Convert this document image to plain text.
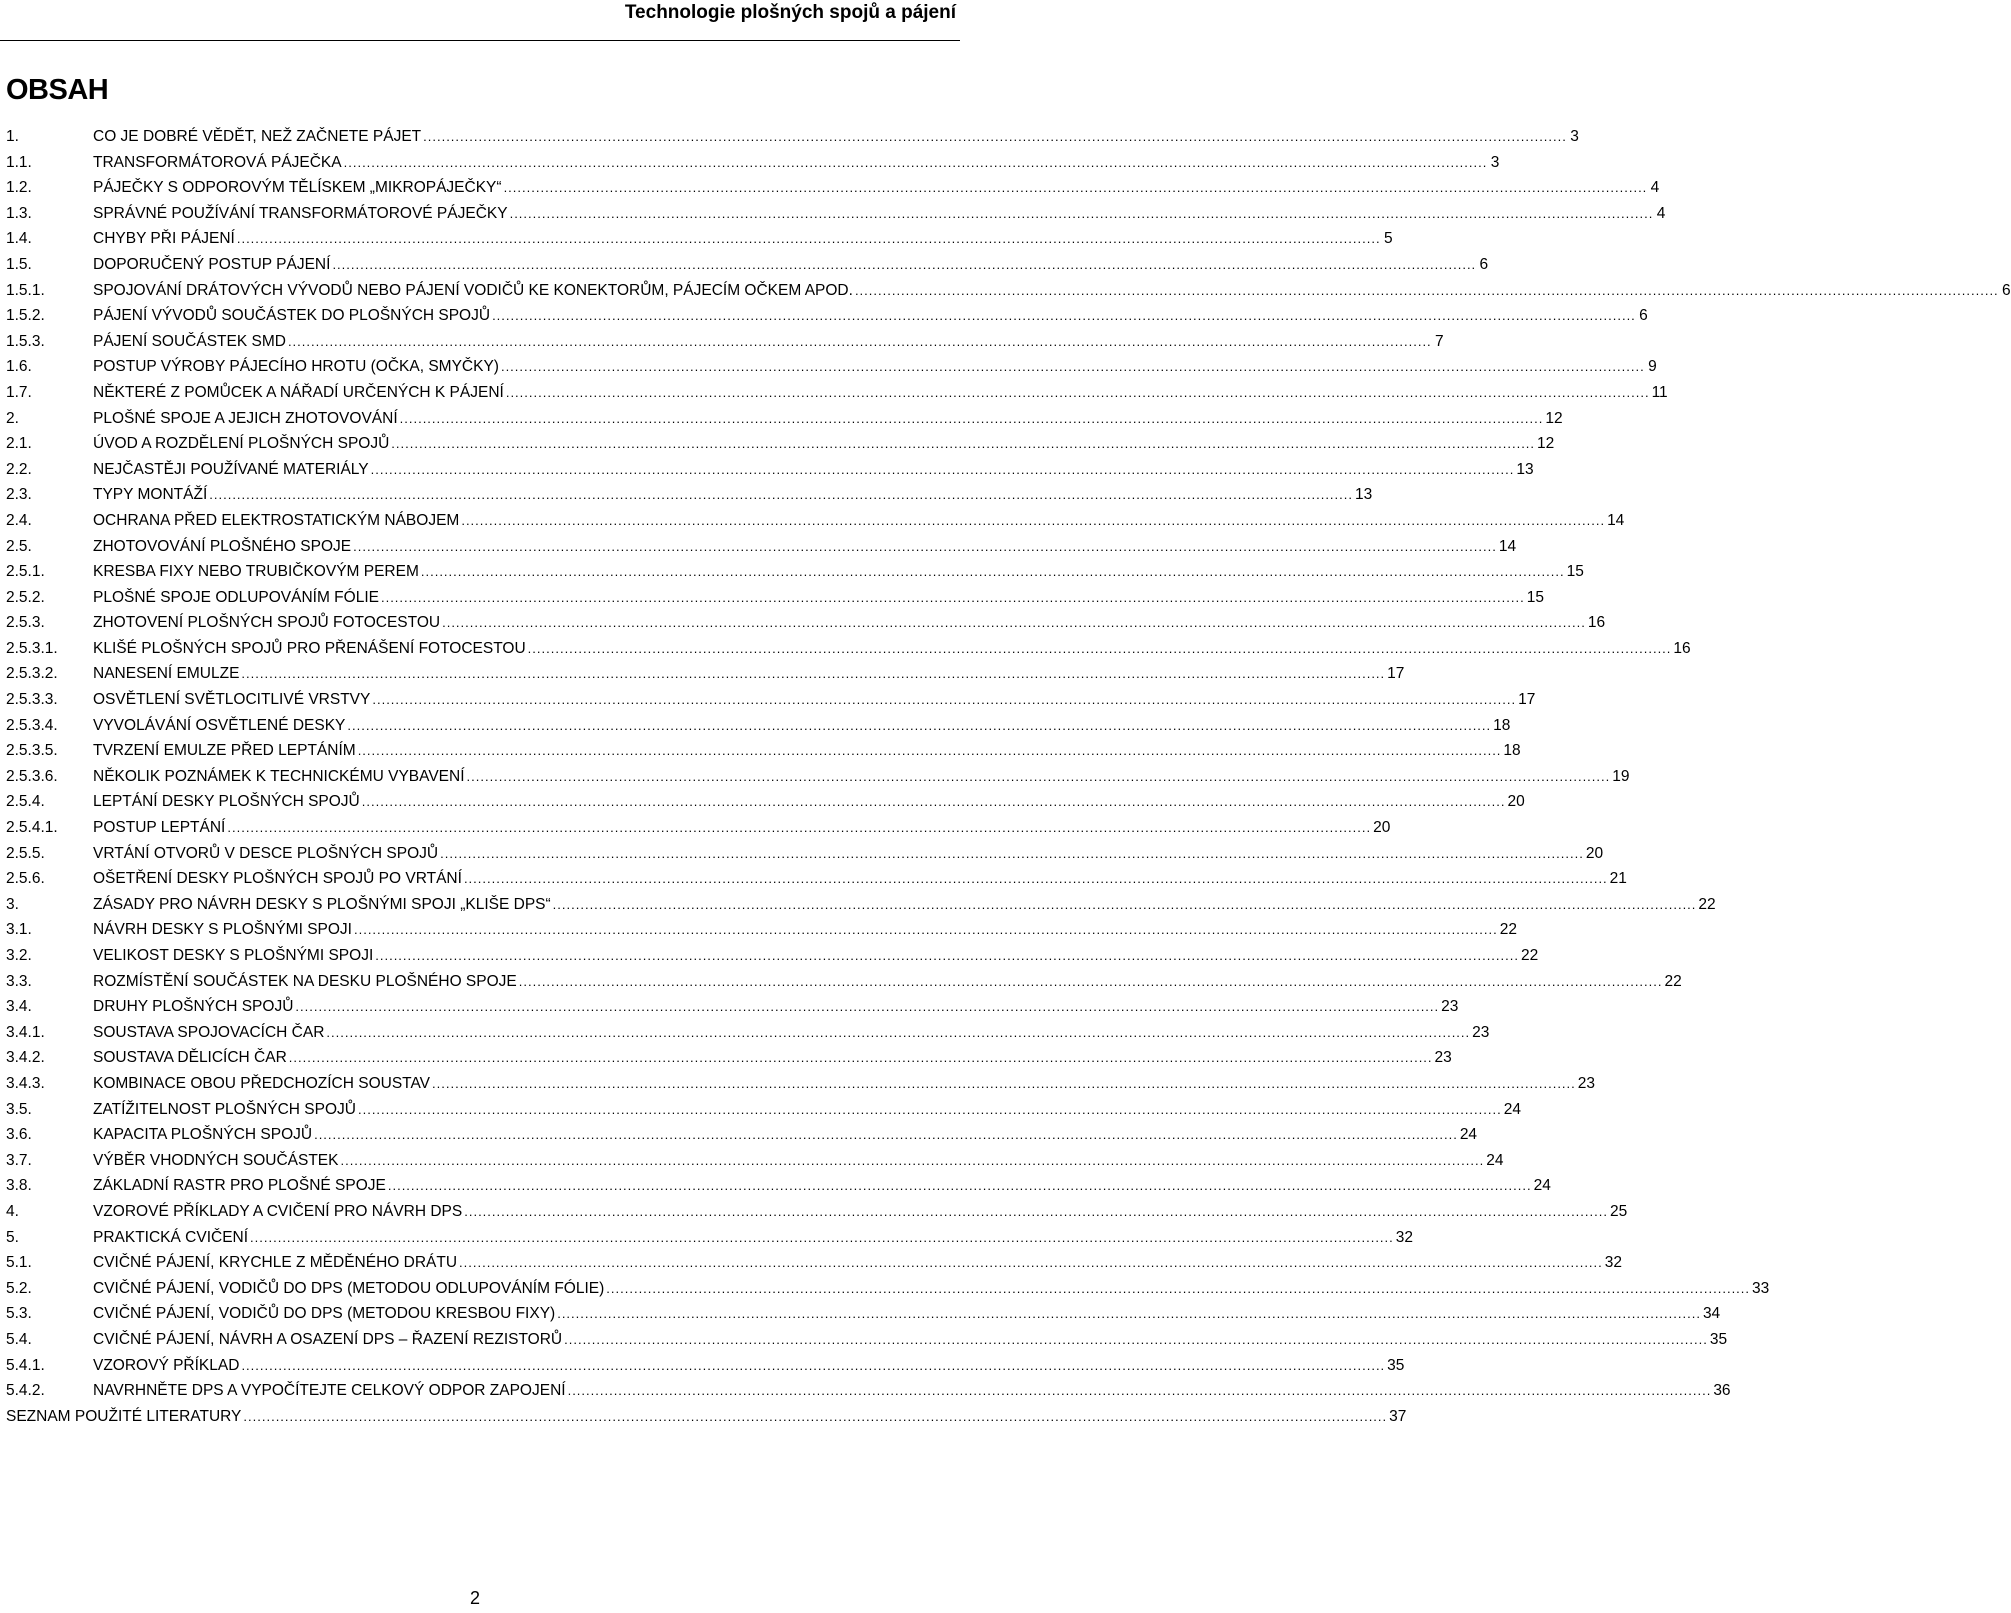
Technologie plošných spojů a pájení
OBSAH
1.	CO JE DOBRÉ VĚDĚT, NEŽ ZAČNETE PÁJET .....	3
1.1.	TRANSFORMÁTOROVÁ PÁJEČKA .....	3
1.2.	PÁJEČKY S ODPOROVÝM TĚLÍSKEM „MIKROPÁJEČKY“ .....	4
1.3.	SPRÁVNÉ POUŽÍVÁNÍ TRANSFORMÁTOROVÉ PÁJEČKY .....	4
1.4.	CHYBY PŘI PÁJENÍ .....	5
1.5.	DOPORUČENÝ POSTUP PÁJENÍ .....	6
1.5.1.	SPOJOVÁNÍ DRÁTOVÝCH VÝVODŮ NEBO PÁJENÍ VODIČŮ KE KONEKTORŮM, PÁJECÍM OČKEM APOD. .....	6
1.5.2.	PÁJENÍ VÝVODŮ SOUČÁSTEK DO PLOŠNÝCH SPOJŮ .....	6
1.5.3.	PÁJENÍ SOUČÁSTEK SMD .....	7
1.6.	POSTUP VÝROBY PÁJECÍHO HROTU (OČKA, SMYČKY) .....	9
1.7.	NĚKTERÉ Z POMŮCEK A NÁŘADÍ URČENÝCH K PÁJENÍ .....	11
2.	PLOŠNÉ SPOJE A JEJICH ZHOTOVOVÁNÍ .....	12
2.1.	ÚVOD A ROZDĚLENÍ PLOŠNÝCH SPOJŮ .....	12
2.2.	NEJČASTĚJI POUŽÍVANÉ MATERIÁLY .....	13
2.3.	TYPY MONTÁŽÍ .....	13
2.4.	OCHRANA PŘED ELEKTROSTATICKÝM NÁBOJEM .....	14
2.5.	ZHOTOVOVÁNÍ PLOŠNÉHO SPOJE .....	14
2.5.1.	KRESBA FIXY NEBO TRUBIČKOVÝM PEREM .....	15
2.5.2.	PLOŠNÉ SPOJE ODLUPOVÁNÍM FÓLIE .....	15
2.5.3.	ZHOTOVENÍ PLOŠNÝCH SPOJŮ FOTOCESTOU .....	16
2.5.3.1.	KLIŠÉ PLOŠNÝCH SPOJŮ PRO PŘENÁŠENÍ FOTOCESTOU .....	16
2.5.3.2.	NANESENÍ EMULZE .....	17
2.5.3.3.	OSVĚTLENÍ SVĚTLOCITLIVÉ VRSTVY .....	17
2.5.3.4.	VYVOLÁVÁNÍ OSVĚTLENÉ DESKY .....	18
2.5.3.5.	TVRZENÍ EMULZE PŘED LEPTÁNÍM .....	18
2.5.3.6.	NĚKOLIK POZNÁMEK K TECHNICKÉMU VYBAVENÍ .....	19
2.5.4.	LEPTÁNÍ DESKY PLOŠNÝCH SPOJŮ .....	20
2.5.4.1.	POSTUP LEPTÁNÍ .....	20
2.5.5.	VRTÁNÍ OTVORŮ V DESCE PLOŠNÝCH SPOJŮ .....	20
2.5.6.	OŠETŘENÍ DESKY PLOŠNÝCH SPOJŮ PO VRTÁNÍ .....	21
3.	ZÁSADY PRO NÁVRH DESKY S PLOŠNÝMI SPOJI „KLIŠE DPS“ .....	22
3.1.	NÁVRH DESKY S PLOŠNÝMI SPOJI .....	22
3.2.	VELIKOST DESKY S PLOŠNÝMI SPOJI .....	22
3.3.	ROZMÍSTĚNÍ SOUČÁSTEK NA DESKU PLOŠNÉHO SPOJE .....	22
3.4.	DRUHY PLOŠNÝCH SPOJŮ .....	23
3.4.1.	SOUSTAVA SPOJOVACÍCH ČAR .....	23
3.4.2.	SOUSTAVA DĚLICÍCH ČAR .....	23
3.4.3.	KOMBINACE OBOU PŘEDCHOZÍCH SOUSTAV .....	23
3.5.	ZATÍŽITELNOST PLOŠNÝCH SPOJŮ .....	24
3.6.	KAPACITA PLOŠNÝCH SPOJŮ .....	24
3.7.	VÝBĚR VHODNÝCH SOUČÁSTEK .....	24
3.8.	ZÁKLADNÍ RASTR PRO PLOŠNÉ SPOJE .....	24
4.	VZOROVÉ PŘÍKLADY A CVIČENÍ PRO NÁVRH DPS .....	25
5.	PRAKTICKÁ CVIČENÍ .....	32
5.1.	CVIČNÉ PÁJENÍ, KRYCHLE Z MĚDĚNÉHO DRÁTU .....	32
5.2.	CVIČNÉ PÁJENÍ, VODIČŮ DO DPS (METODOU ODLUPOVÁNÍM FÓLIE) .....	33
5.3.	CVIČNÉ PÁJENÍ, VODIČŮ DO DPS (METODOU KRESBOU FIXY) .....	34
5.4.	CVIČNÉ PÁJENÍ, NÁVRH A OSAZENÍ DPS – ŘAZENÍ REZISTORŮ .....	35
5.4.1.	VZOROVÝ PŘÍKLAD .....	35
5.4.2.	NAVRHNĚTE DPS A VYPOČÍTEJTE CELKOVÝ ODPOR ZAPOJENÍ .....	36
SEZNAM POUŽITÉ LITERATURY .....	37
2
